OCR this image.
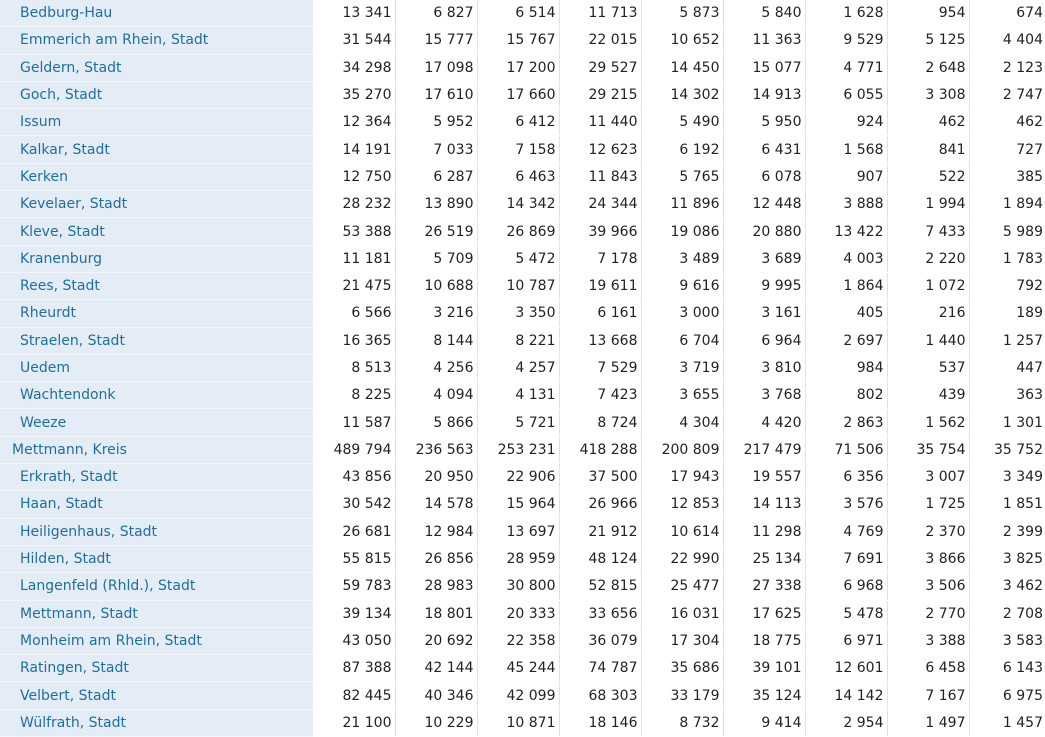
Bedburg-Hau	13 341	6 827	6 514	11 713	5 873	5 840	1 628	954	674
Emmerich am Rhein, Stadt	31 544	15 777	15 767	22 015	10 652	11 363	9 529	5 125	4 404
Geldern, Stadt	34 298	17 098	17 200	29 527	14 450	15 077	4 771	2 648	2 123
Goch, Stadt	35 270	17 610	17 660	29 215	14 302	14 913	6 055	3 308	2 747
Issum	12 364	5 952	6 412	11 440	5 490	5 950	924	462	462
Kalkar, Stadt	14 191	7 033	7 158	12 623	6 192	6 431	1 568	841	727
Kerken	12 750	6 287	6 463	11 843	5 765	6 078	907	522	385
Kevelaer, Stadt	28 232	13 890	14 342	24 344	11 896	12 448	3 888	1 994	1 894
Kleve, Stadt	53 388	26 519	26 869	39 966	19 086	20 880	13 422	7 433	5 989
Kranenburg	11 181	5 709	5 472	7 178	3 489	3 689	4 003	2 220	1 783
Rees, Stadt	21 475	10 688	10 787	19 611	9 616	9 995	1 864	1 072	792
Rheurdt	6 566	3 216	3 350	6 161	3 000	3 161	405	216	189
Straelen, Stadt	16 365	8 144	8 221	13 668	6 704	6 964	2 697	1 440	1 257
Uedem	8 513	4 256	4 257	7 529	3 719	3 810	984	537	447
Wachtendonk	8 225	4 094	4 131	7 423	3 655	3 768	802	439	363
Weeze	11 587	5 866	5 721	8 724	4 304	4 420	2 863	1 562	1 301
Mettmann, Kreis	489 794	236 563	253 231	418 288	200 809	217 479	71 506	35 754	35 752
Erkrath, Stadt	43 856	20 950	22 906	37 500	17 943	19 557	6 356	3 007	3 349
Haan, Stadt	30 542	14 578	15 964	26 966	12 853	14 113	3 576	1 725	1 851
Heiligenhaus, Stadt	26 681	12 984	13 697	21 912	10 614	11 298	4 769	2 370	2 399
Hilden, Stadt	55 815	26 856	28 959	48 124	22 990	25 134	7 691	3 866	3 825
Langenfeld (Rhld.), Stadt	59 783	28 983	30 800	52 815	25 477	27 338	6 968	3 506	3 462
Mettmann, Stadt	39 134	18 801	20 333	33 656	16 031	17 625	5 478	2 770	2 708
Monheim am Rhein, Stadt	43 050	20 692	22 358	36 079	17 304	18 775	6 971	3 388	3 583
Ratingen, Stadt	87 388	42 144	45 244	74 787	35 686	39 101	12 601	6 458	6 143
Velbert, Stadt	82 445	40 346	42 099	68 303	33 179	35 124	14 142	7 167	6 975
Wülfrath, Stadt	21 100	10 229	10 871	18 146	8 732	9 414	2 954	1 497	1 457
